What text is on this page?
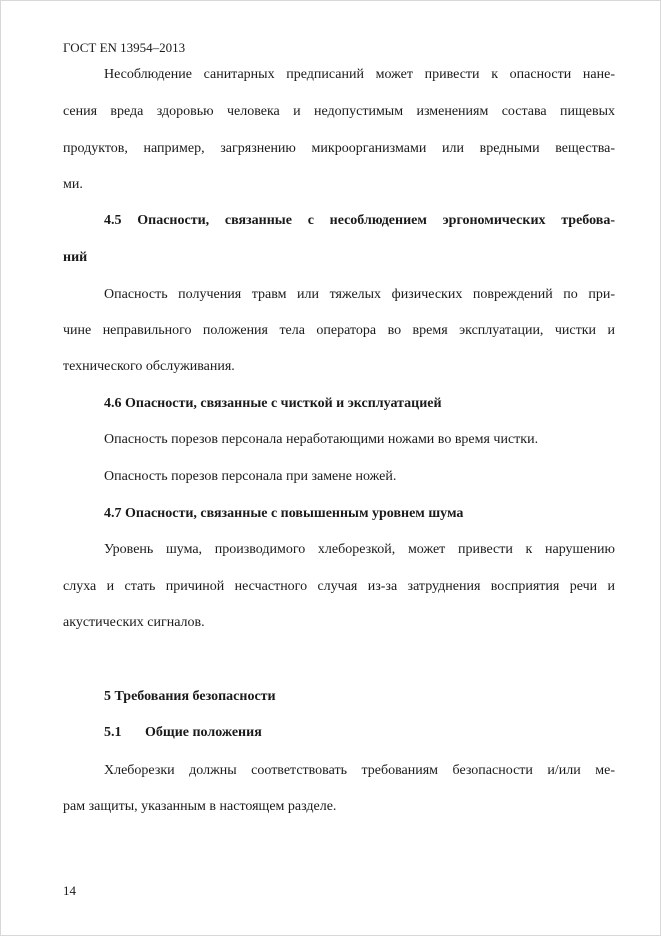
ГОСТ EN 13954–2013
Несоблюдение санитарных предписаний может привести к опасности нане-
сения вреда здоровью человека и недопустимым изменениям состава пищевых
продуктов, например, загрязнению микроорганизмами или вредными вещества-
ми.
4.5 Опасности, связанные с несоблюдением эргономических требова-
ний
Опасность получения травм или тяжелых физических повреждений по при-
чине неправильного положения тела оператора во время эксплуатации, чистки и
технического обслуживания.
4.6 Опасности, связанные с чисткой и эксплуатацией
Опасность порезов персонала неработающими ножами во время чистки.
Опасность порезов персонала при замене ножей.
4.7 Опасности, связанные с повышенным уровнем шума
Уровень шума, производимого хлеборезкой, может привести к нарушению
слуха и стать причиной несчастного случая из-за затруднения восприятия речи и
акустических сигналов.
5 Требования безопасности
5.1 Общие положения
Хлеборезки должны соответствовать требованиям безопасности и/или ме-
рам защиты, указанным в настоящем разделе.
14
